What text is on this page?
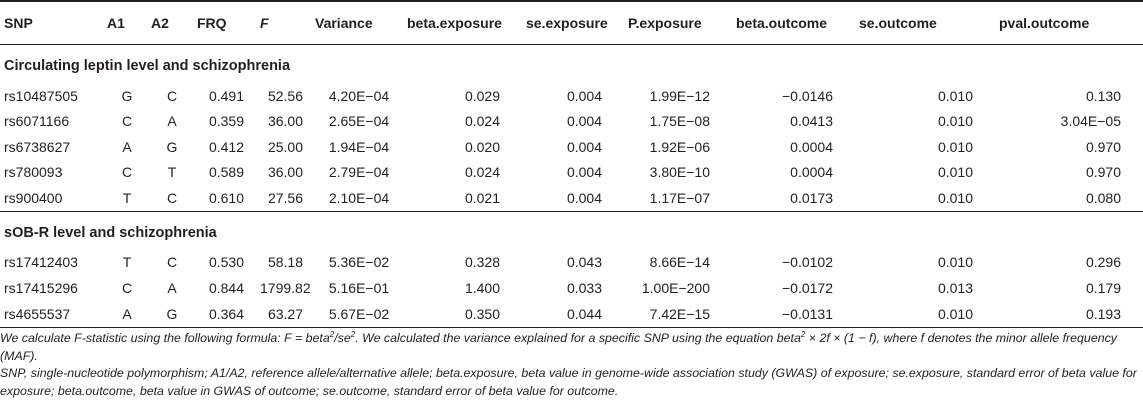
SNP	A1	A2	FRQ	F	Variance	beta.exposure	se.exposure	P.exposure	beta.outcome	se.outcome	pval.outcome
Circulating leptin level and schizophrenia											
rs10487505	G	C	0.491	52.56	4.20E−04	0.029	0.004	1.99E−12	−0.0146	0.010	0.130
rs6071166	C	A	0.359	36.00	2.65E−04	0.024	0.004	1.75E−08	0.0413	0.010	3.04E−05
rs6738627	A	G	0.412	25.00	1.94E−04	0.020	0.004	1.92E−06	0.0004	0.010	0.970
rs780093	C	T	0.589	36.00	2.79E−04	0.024	0.004	3.80E−10	0.0004	0.010	0.970
rs900400	T	C	0.610	27.56	2.10E−04	0.021	0.004	1.17E−07	0.0173	0.010	0.080
sOB-R level and schizophrenia											
rs17412403	T	C	0.530	58.18	5.36E−02	0.328	0.043	8.66E−14	−0.0102	0.010	0.296
rs17415296	C	A	0.844	1799.82	5.16E−01	1.400	0.033	1.00E−200	−0.0172	0.013	0.179
rs4655537	A	G	0.364	63.27	5.67E−02	0.350	0.044	7.42E−15	−0.0131	0.010	0.193

We calculate F-statistic using the following formula: $F = beta^2/se^2$. We calculated the variance explained for a specific SNP using the equation beta$^2$ × 2f × (1 − f), where f denotes the minor allele frequency (MAF).

SNP, single-nucleotide polymorphism; A1/A2, reference allele/alternative allele; beta.exposure, beta value in genome-wide association study (GWAS) of exposure; se.exposure, standard error of beta value for exposure; beta.outcome, beta value in GWAS of outcome; se.outcome, standard error of beta value for outcome.
